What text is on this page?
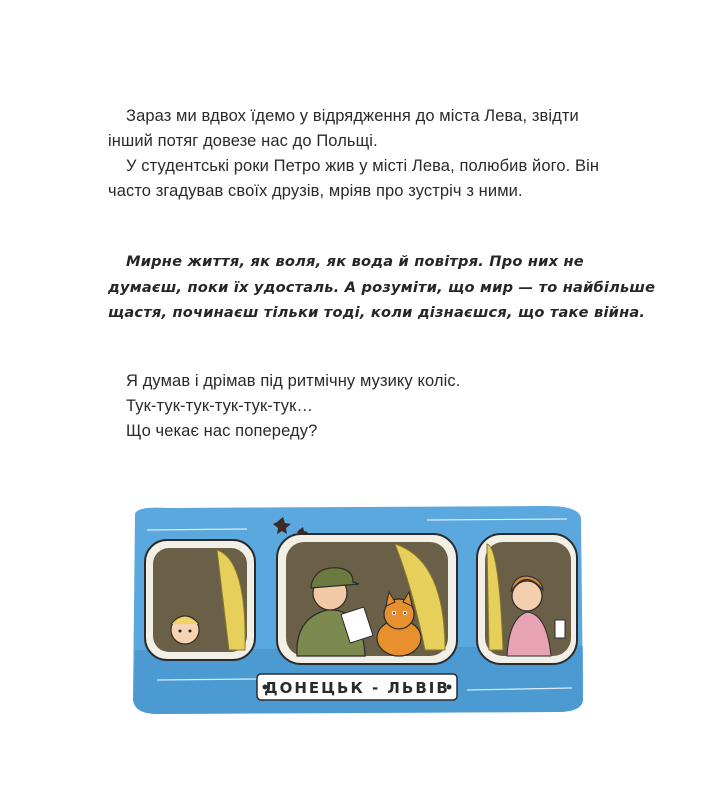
Зараз ми вдвох їдемо у відрядження до міста Лева, звідти
інший потяг довезе нас до Польщі.
У студентські роки Петро жив у місті Лева, полюбив його. Він
часто згадував своїх друзів, мріяв про зустріч з ними.
Мирне життя, як воля, як вода й повітря. Про них не
думаєш, поки їх удосталь. А розумiти, що мир — то найбільше
щастя, починаєш тільки тодi, коли дізнаєшся, що таке війна.
Я думав і дрімав під ритмічну музику коліс.
Тук-тук-тук-тук-тук-тук…
Що чекає нас попереду?
ДОНЕЦЬК - ЛЬВІВ
